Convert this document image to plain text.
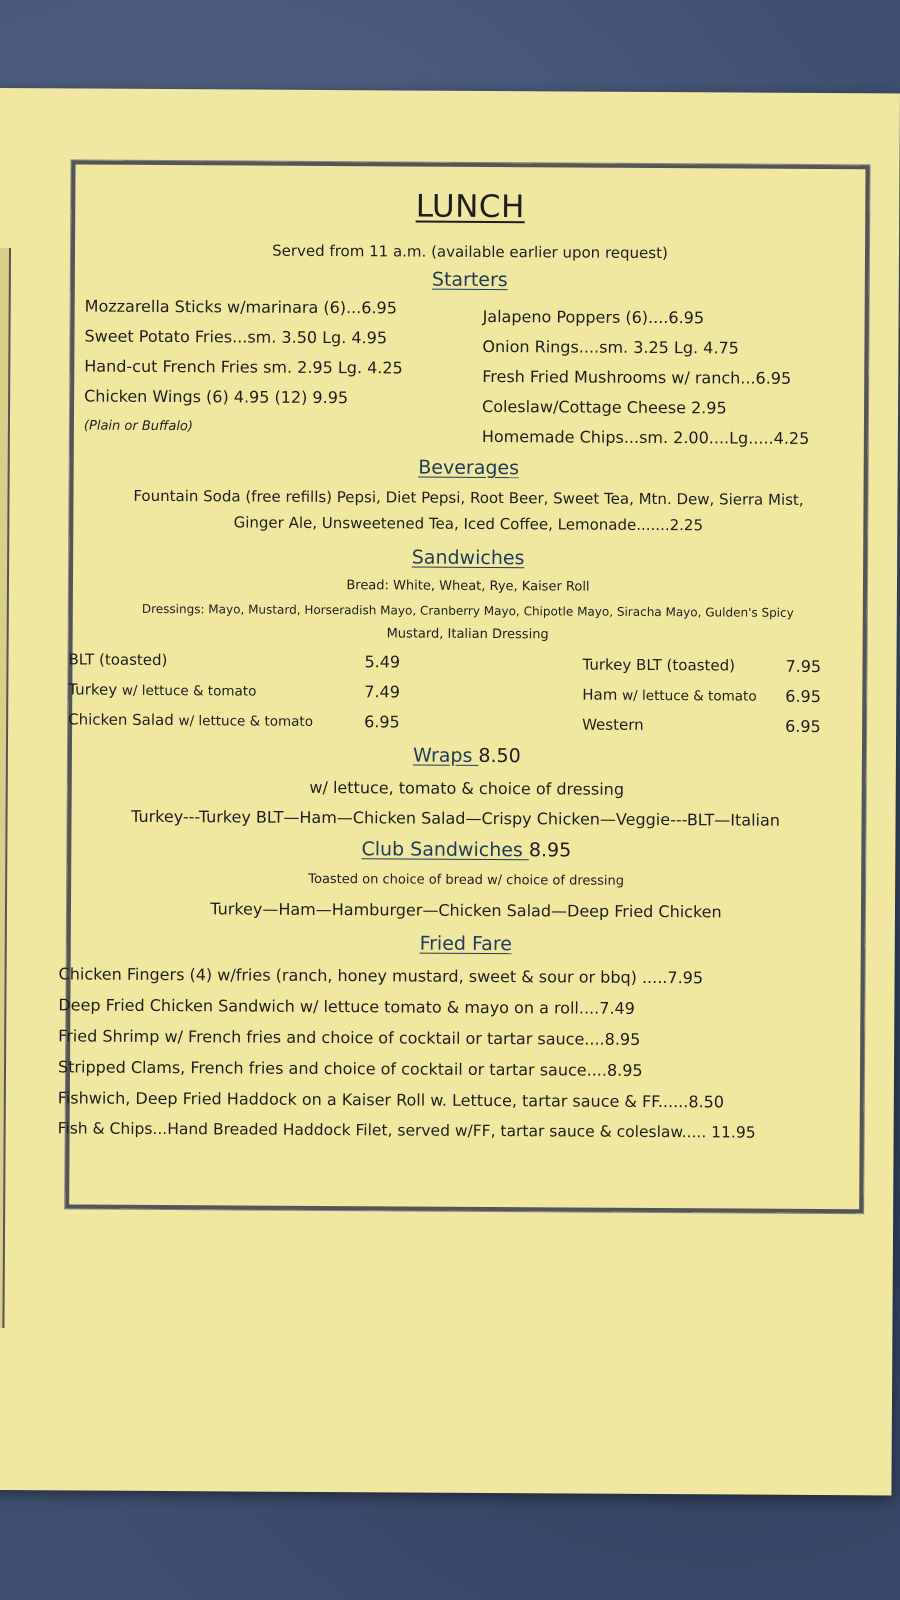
LUNCH
Served from 11 a.m. (available earlier upon request)
Starters
Mozzarella Sticks w/marinara (6)...6.95
Sweet Potato Fries...sm. 3.50 Lg. 4.95
Hand-cut French Fries sm. 2.95 Lg. 4.25
Chicken Wings (6) 4.95 (12) 9.95
(Plain or Buffalo)
Jalapeno Poppers (6)....6.95
Onion Rings....sm. 3.25 Lg. 4.75
Fresh Fried Mushrooms w/ ranch...6.95
Coleslaw/Cottage Cheese 2.95
Homemade Chips...sm. 2.00....Lg.....4.25
Beverages
Fountain Soda (free refills) Pepsi, Diet Pepsi, Root Beer, Sweet Tea, Mtn. Dew, Sierra Mist,
Ginger Ale, Unsweetened Tea, Iced Coffee, Lemonade.......2.25
Sandwiches
Bread: White, Wheat, Rye, Kaiser Roll
Dressings: Mayo, Mustard, Horseradish Mayo, Cranberry Mayo, Chipotle Mayo, Siracha Mayo, Gulden's Spicy
Mustard, Italian Dressing
BLT (toasted)	5.49
Turkey w/ lettuce & tomato	7.49
Chicken Salad w/ lettuce & tomato	6.95
Turkey BLT (toasted)	7.95
Ham w/ lettuce & tomato 6.95
Western	6.95
Wraps 8.50
w/ lettuce, tomato & choice of dressing
Turkey---Turkey BLT—Ham—Chicken Salad—Crispy Chicken—Veggie---BLT—Italian
Club Sandwiches 8.95
Toasted on choice of bread w/ choice of dressing
Turkey—Ham—Hamburger—Chicken Salad—Deep Fried Chicken
Fried Fare
Chicken Fingers (4) w/fries (ranch, honey mustard, sweet & sour or bbq) .....7.95
Deep Fried Chicken Sandwich w/ lettuce tomato & mayo on a roll....7.49
Fried Shrimp w/ French fries and choice of cocktail or tartar sauce....8.95
Stripped Clams, French fries and choice of cocktail or tartar sauce....8.95
Fishwich, Deep Fried Haddock on a Kaiser Roll w. Lettuce, tartar sauce & FF......8.50
Fish & Chips...Hand Breaded Haddock Filet, served w/FF, tartar sauce & coleslaw..... 11.95
